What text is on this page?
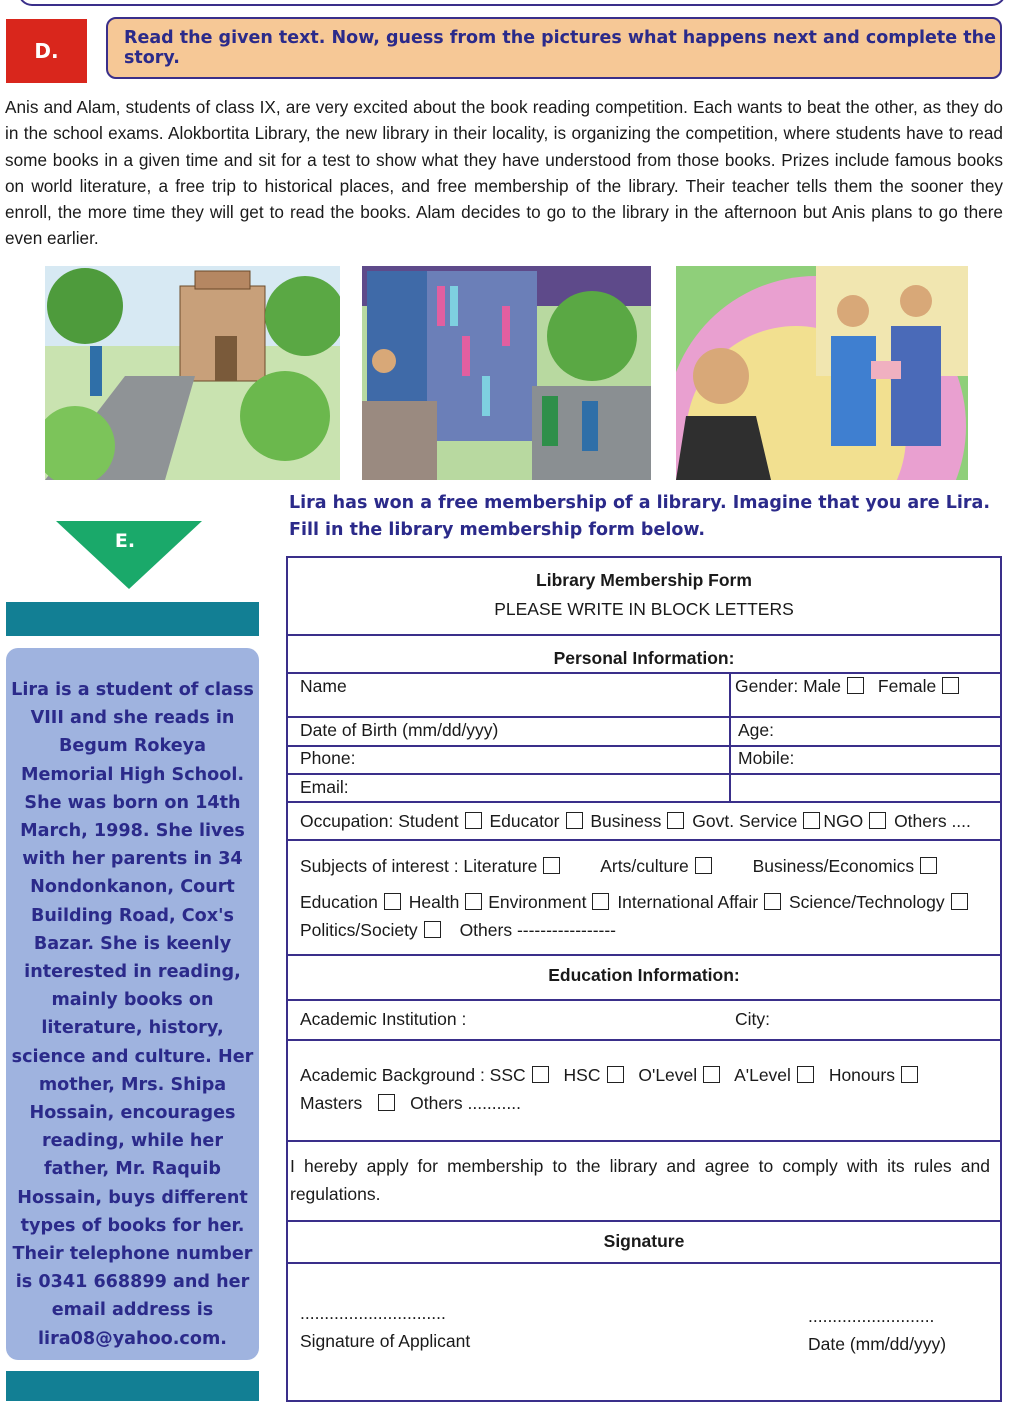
D.
Read the given text. Now, guess from the pictures what happens next and complete the story.
Anis and Alam, students of class IX, are very excited about the book reading competition. Each wants to beat the other, as they do in the school exams. Alokbortita Library, the new library in their locality, is organizing the competition, where students have to read some books in a given time and sit for a test to show what they have understood from those books. Prizes include famous books on world literature, a free trip to historical places, and free membership of the library. Their teacher tells them the sooner they enroll, the more time they will get to read the books. Alam decides to go to the library in the afternoon but Anis plans to go there even earlier.
Lira has won a free membership of a library. Imagine that you are Lira. Fill in the library membership form below.
E.
Lira is a student of class VIII and she reads in Begum Rokeya Memorial High School. She was born on 14th March, 1998. She lives with her parents in 34 Nondonkanon, Court Building Road, Cox's Bazar. She is keenly interested in reading, mainly books on literature, history, science and culture. Her mother, Mrs. Shipa Hossain, encourages reading, while her father, Mr. Raquib Hossain, buys different types of books for her. Their telephone number is 0341 668899 and her email address is lira08@yahoo.com.
Library Membership Form
PLEASE WRITE IN BLOCK LETTERS
Personal Information:
Name	Gender: Male Female
Date of Birth (mm/dd/yyy)	Age:
Phone:	Mobile:
Email:
Occupation: Student Educator Business Govt. Service NGO Others ....
Subjects of interest : Literature	Arts/culture	Business/Economics
Education Health Environment International Affair Science/Technology
Politics/Society Others -----------------
Education Information:
Academic Institution :	City:
Academic Background : SSC HSC O'Level A'Level Honours
Masters	Others ...........
I hereby apply for membership to the library and agree to comply with its rules and regulations.
Signature
..............................
Signature of Applicant
..........................
Date (mm/dd/yyy)
